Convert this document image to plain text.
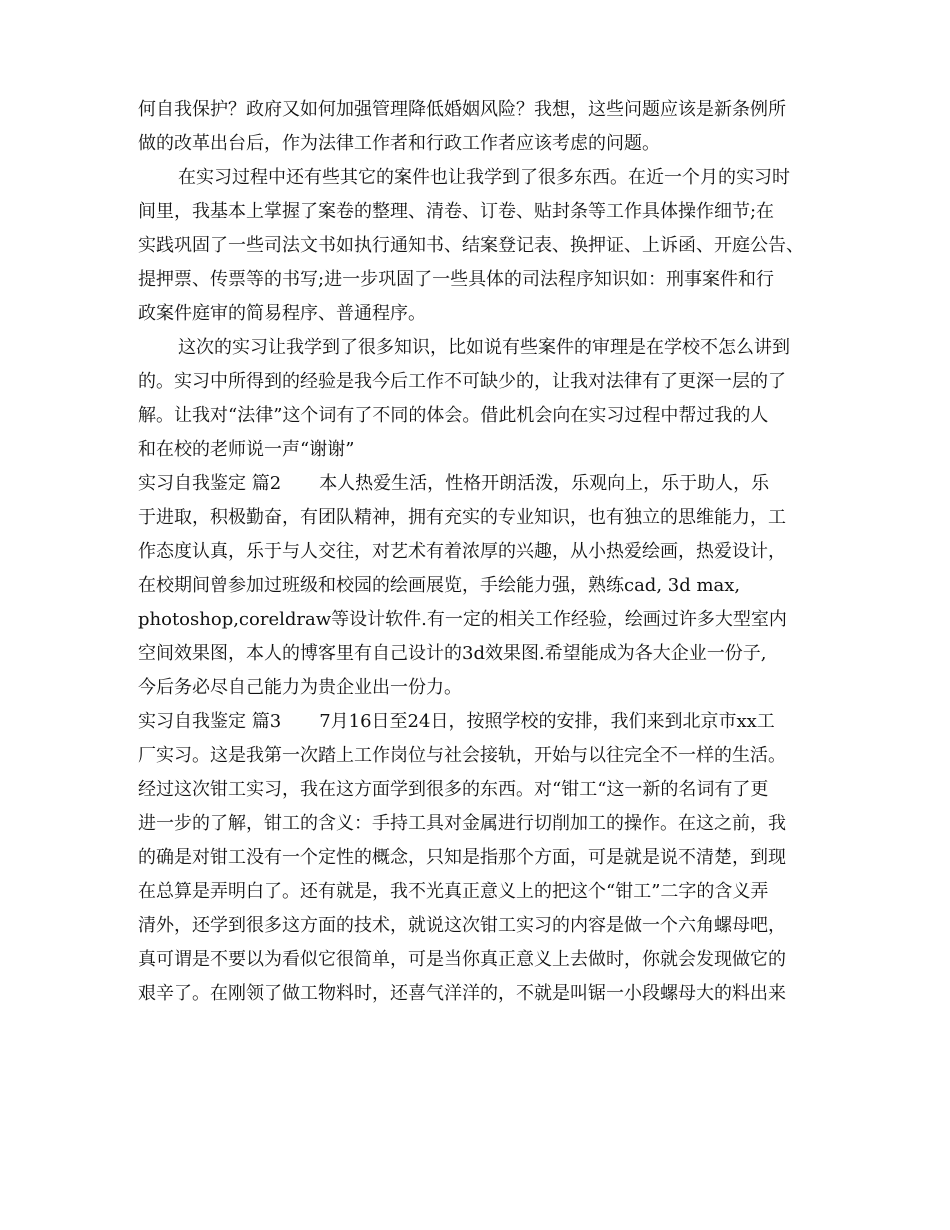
何自我保护？政府又如何加强管理降低婚姻风险？我想，这些问题应该是新条例所
做的改革出台后，作为法律工作者和行政工作者应该考虑的问题。
在实习过程中还有些其它的案件也让我学到了很多东西。在近一个月的实习时
间里，我基本上掌握了案卷的整理、清卷、订卷、贴封条等工作具体操作细节;在
实践巩固了一些司法文书如执行通知书、结案登记表、换押证、上诉函、开庭公告、
提押票、传票等的书写;进一步巩固了一些具体的司法程序知识如：刑事案件和行
政案件庭审的简易程序、普通程序。
这次的实习让我学到了很多知识，比如说有些案件的审理是在学校不怎么讲到
的。实习中所得到的经验是我今后工作不可缺少的，让我对法律有了更深一层的了
解。让我对“法律”这个词有了不同的体会。借此机会向在实习过程中帮过我的人
和在校的老师说一声“谢谢”
实习自我鉴定 篇2 本人热爱生活，性格开朗活泼，乐观向上，乐于助人，乐
于进取，积极勤奋，有团队精神，拥有充实的专业知识，也有独立的思维能力，工
作态度认真，乐于与人交往，对艺术有着浓厚的兴趣，从小热爱绘画，热爱设计，
在校期间曾参加过班级和校园的绘画展览，手绘能力强，熟练cad, 3d max,
photoshop,coreldraw等设计软件.有一定的相关工作经验，绘画过许多大型室内
空间效果图，本人的博客里有自己设计的3d效果图.希望能成为各大企业一份子,
今后务必尽自己能力为贵企业出一份力。
实习自我鉴定 篇3 7月16日至24日，按照学校的安排，我们来到北京市xx工
厂实习。这是我第一次踏上工作岗位与社会接轨，开始与以往完全不一样的生活。
经过这次钳工实习，我在这方面学到很多的东西。对“钳工“这一新的名词有了更
进一步的了解，钳工的含义：手持工具对金属进行切削加工的操作。在这之前，我
的确是对钳工没有一个定性的概念，只知是指那个方面，可是就是说不清楚，到现
在总算是弄明白了。还有就是，我不光真正意义上的把这个“钳工”二字的含义弄
清外，还学到很多这方面的技术，就说这次钳工实习的内容是做一个六角螺母吧，
真可谓是不要以为看似它很简单，可是当你真正意义上去做时，你就会发现做它的
艰辛了。在刚领了做工物料时，还喜气洋洋的，不就是叫锯一小段螺母大的料出来
